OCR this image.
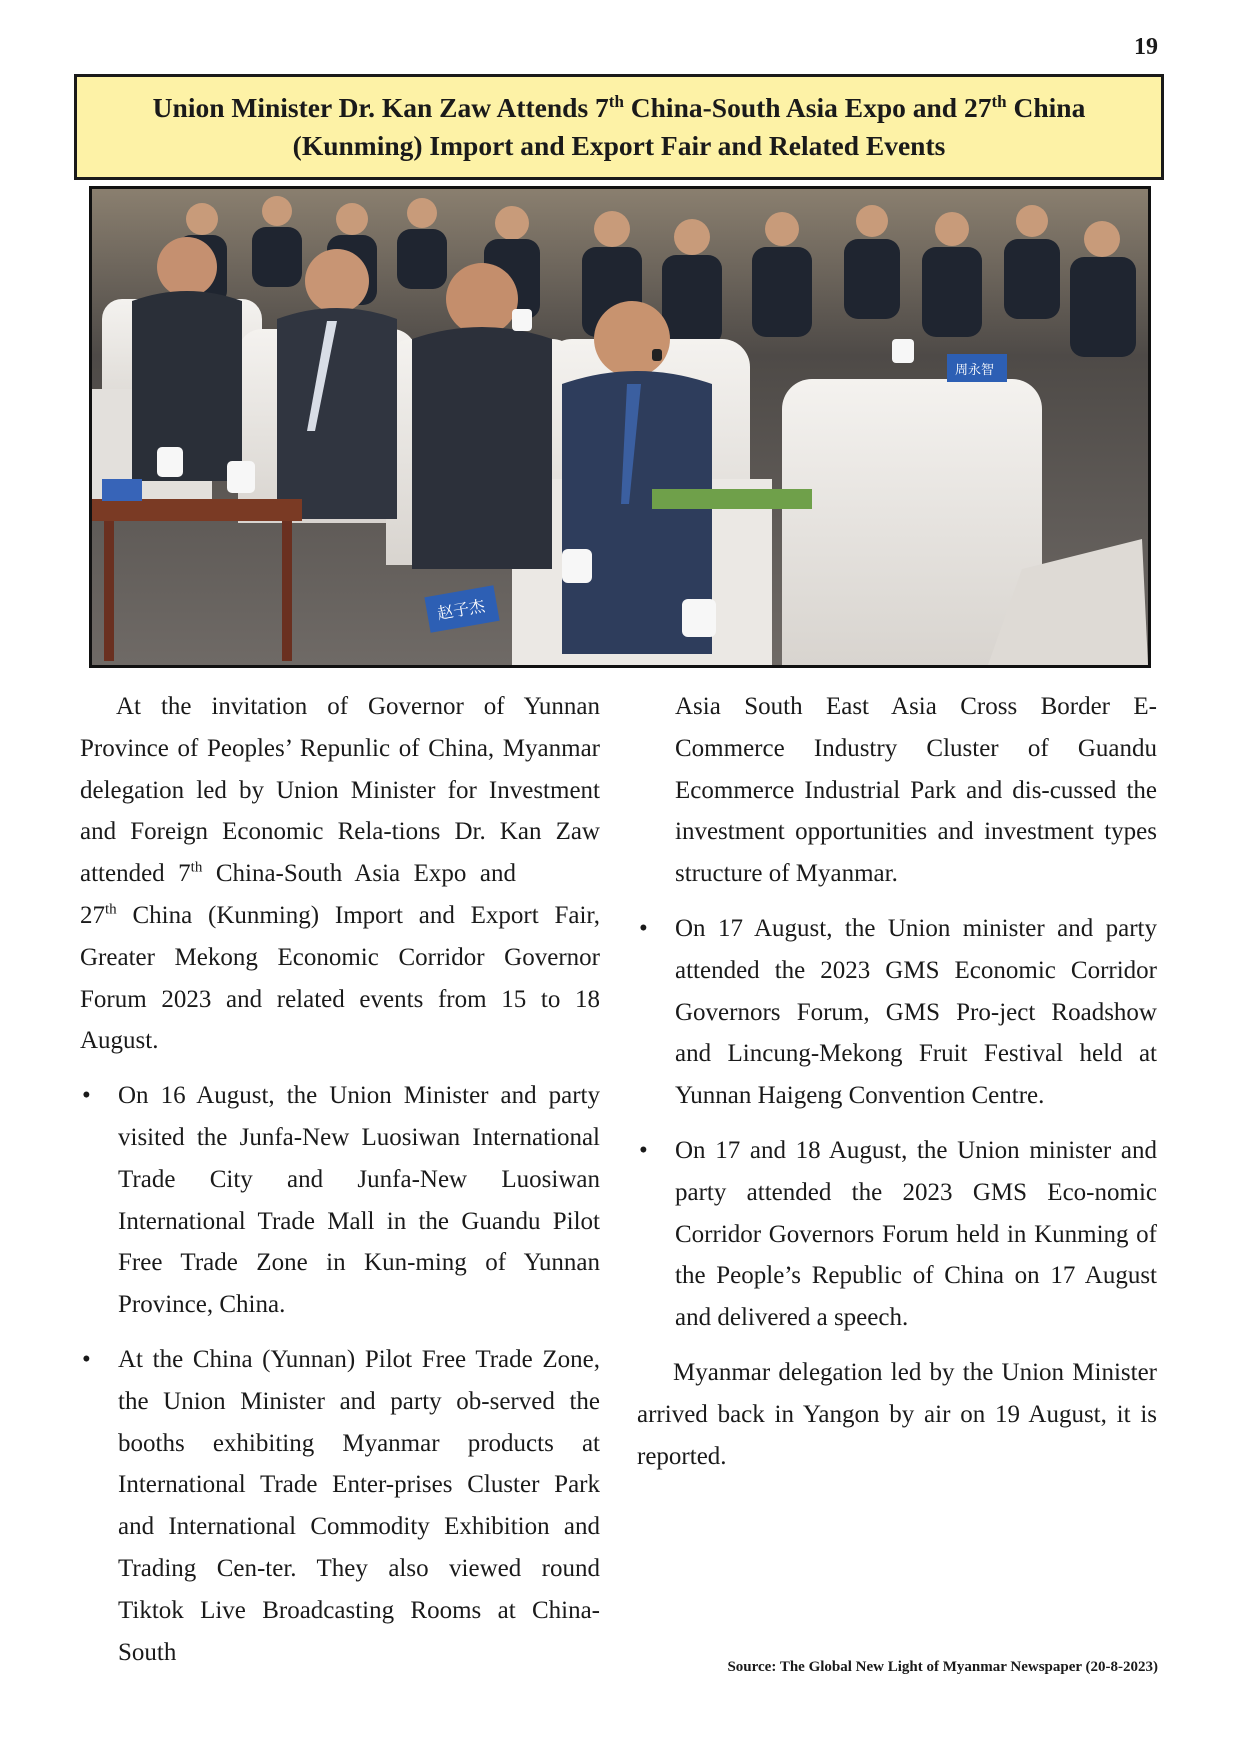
19
Union Minister Dr. Kan Zaw Attends 7th China-South Asia Expo and 27th China
(Kunming) Import and Export Fair and Related Events
赵子杰
周永智

At the invitation of Governor of Yunnan Province of Peoples’ Repunlic of China, Myanmar delegation led by Union Minister for Investment and Foreign Economic Rela-tions Dr. Kan Zaw attended 7th China-South Asia Expo and27th China (Kunming) Import and Export Fair, Greater Mekong Economic Corridor Governor Forum 2023 and related events from 15 to 18 August.

• On 16 August, the Union Minister and party visited the Junfa-New Luosiwan International Trade City and Junfa-New Luosiwan International Trade Mall in the Guandu Pilot Free Trade Zone in Kun-ming of Yunnan Province, China.
• At the China (Yunnan) Pilot Free Trade Zone, the Union Minister and party ob-served the booths exhibiting Myanmar products at International Trade Enter-prises Cluster Park and International Commodity Exhibition and Trading Cen-ter. They also viewed round Tiktok Live Broadcasting Rooms at China-South

Asia South East Asia Cross Border E-Commerce Industry Cluster of Guandu Ecommerce Industrial Park and dis-cussed the investment opportunities and investment types structure of Myanmar.

• On 17 August, the Union minister and party attended the 2023 GMS Economic Corridor Governors Forum, GMS Pro-ject Roadshow and Lincung-Mekong Fruit Festival held at Yunnan Haigeng Convention Centre.
• On 17 and 18 August, the Union minister and party attended the 2023 GMS Eco-nomic Corridor Governors Forum held in Kunming of the People’s Republic of China on 17 August and delivered a speech.

Myanmar delegation led by the Union Minister arrived back in Yangon by air on 19 August, it is reported.

Source: The Global New Light of Myanmar Newspaper (20-8-2023)
